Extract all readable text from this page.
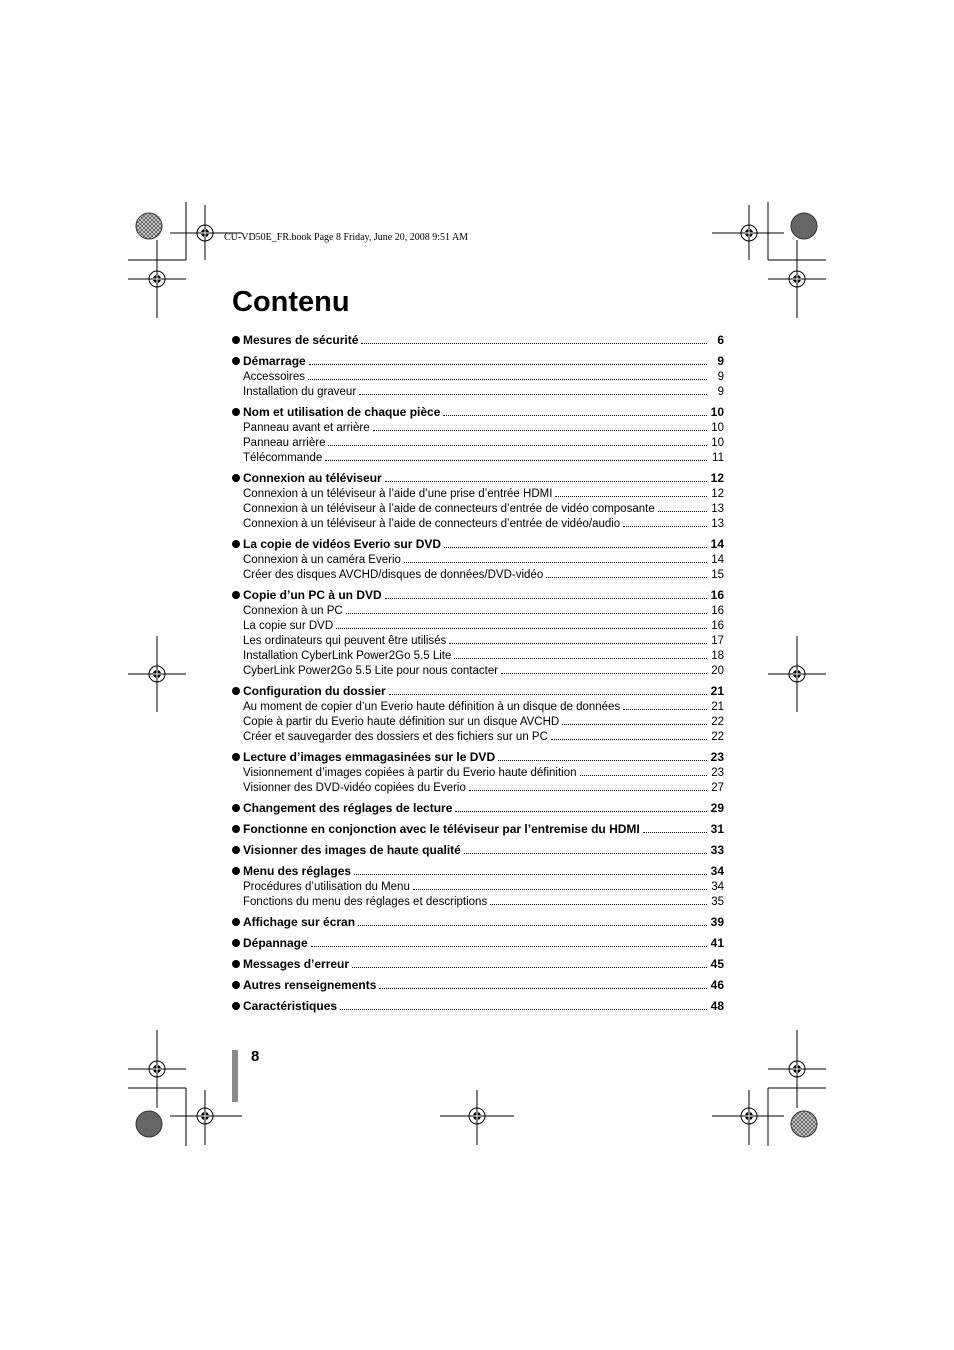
CU-VD50E_FR.book Page 8 Friday, June 20, 2008 9:51 AM
Contenu
Mesures de sécurité	6
Démarrage	9
Accessoires	9
Installation du graveur	9
Nom et utilisation de chaque pièce	10
Panneau avant et arrière	10
Panneau arrière	10
Télécommande	11
Connexion au téléviseur	12
Connexion à un téléviseur à l’aide d’une prise d’entrée HDMI	12
Connexion à un téléviseur à l’aide de connecteurs d’entrée de vidéo composante	13
Connexion à un téléviseur à l’aide de connecteurs d’entrée de vidéo/audio	13
La copie de vidéos Everio sur DVD	14
Connexion à un caméra Everio	14
Créer des disques AVCHD/disques de données/DVD-vidéo	15
Copie d’un PC à un DVD	16
Connexion à un PC	16
La copie sur DVD	16
Les ordinateurs qui peuvent être utilisés	17
Installation CyberLink Power2Go 5.5 Lite	18
CyberLink Power2Go 5.5 Lite pour nous contacter	20
Configuration du dossier	21
Au moment de copier d’un Everio haute définition à un disque de données	21
Copie à partir du Everio haute définition sur un disque AVCHD	22
Créer et sauvegarder des dossiers et des fichiers sur un PC	22
Lecture d’images emmagasinées sur le DVD	23
Visionnement d’images copiées à partir du Everio haute définition	23
Visionner des DVD-vidéo copiées du Everio	27
Changement des réglages de lecture	29
Fonctionne en conjonction avec le téléviseur par l’entremise du HDMI	31
Visionner des images de haute qualité	33
Menu des réglages	34
Procédures d’utilisation du Menu	34
Fonctions du menu des réglages et descriptions	35
Affichage sur écran	39
Dépannage	41
Messages d’erreur	45
Autres renseignements	46
Caractéristiques	48
8
